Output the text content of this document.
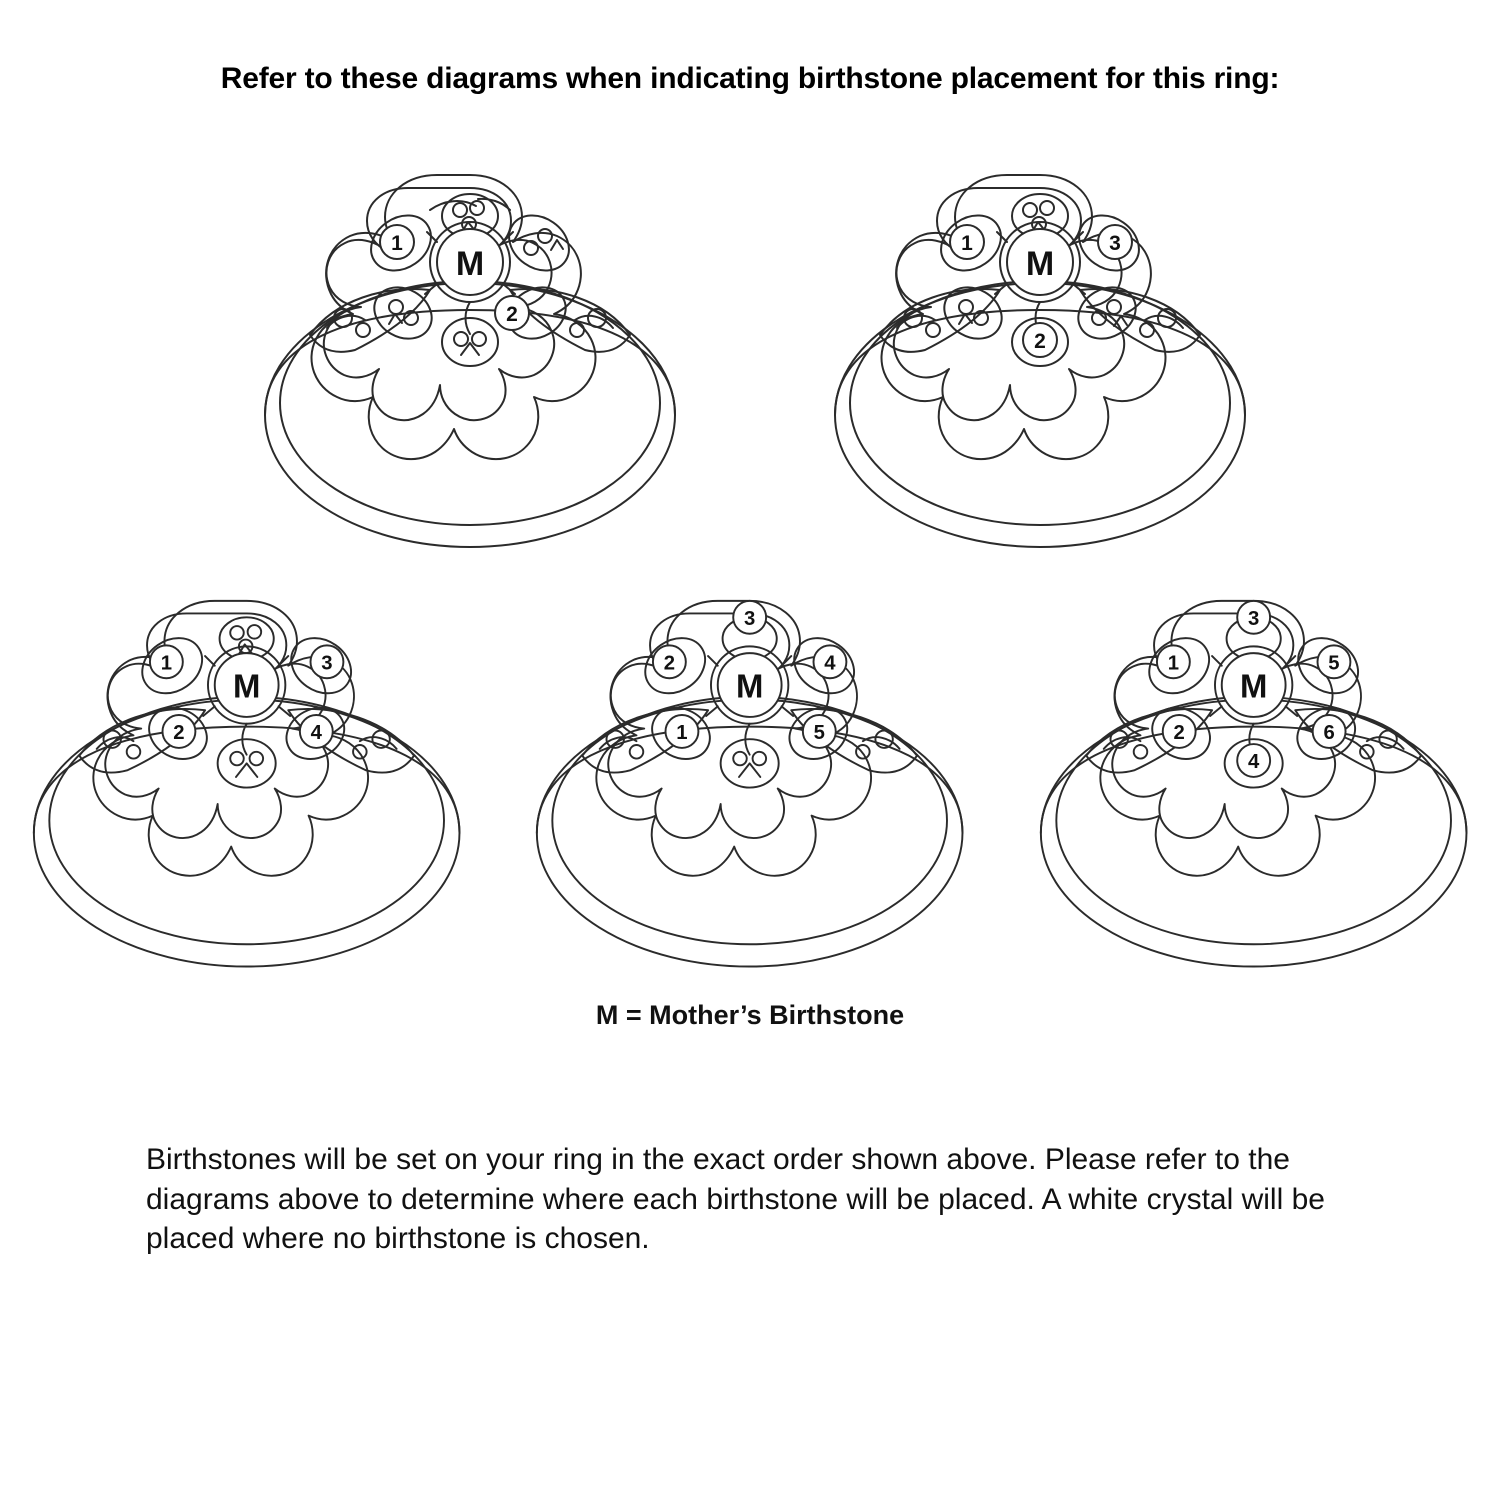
Refer to these diagrams when indicating birthstone placement for this ring:
M
1
2
M
1	3
2
M
1	3
2	4
M
3
2	4
1	5
M
3
1	5
2	6
4
M = Mother’s Birthstone
Birthstones will be set on your ring in the exact order shown above. Please refer to the diagrams above to determine where each birthstone will be placed. A white crystal will be placed where no birthstone is chosen.
